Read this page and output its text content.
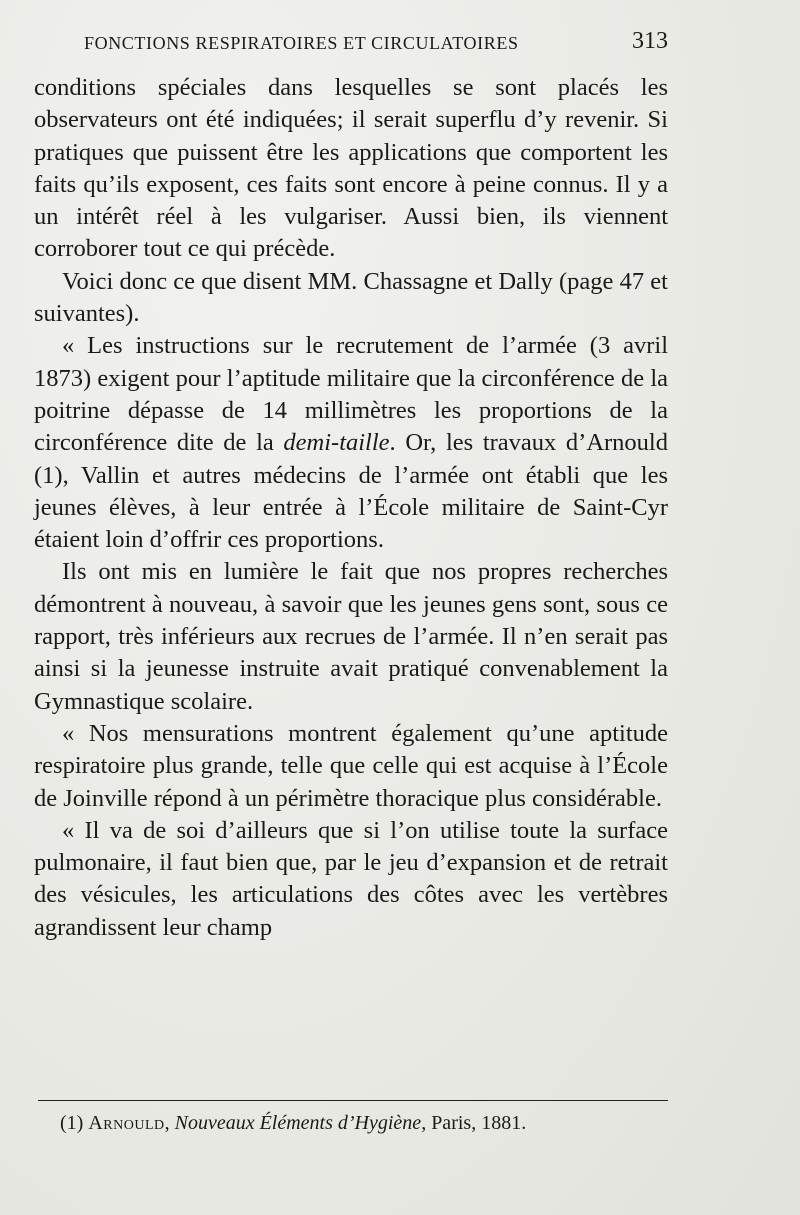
FONCTIONS RESPIRATOIRES ET CIRCULATOIRES	313

conditions spéciales dans lesquelles se sont placés les observateurs ont été indiquées; il serait superflu d’y revenir. Si pratiques que puissent être les applications que comportent les faits qu’ils exposent, ces faits sont encore à peine connus. Il y a un intérêt réel à les vulgariser. Aussi bien, ils viennent corroborer tout ce qui précède.

Voici donc ce que disent MM. Chassagne et Dally (page 47 et suivantes).

« Les instructions sur le recrutement de l’armée (3 avril 1873) exigent pour l’aptitude militaire que la circonférence de la poitrine dépasse de 14 millimètres les proportions de la circonférence dite de la demi-taille. Or, les travaux d’Arnould (1), Vallin et autres médecins de l’armée ont établi que les jeunes élèves, à leur entrée à l’École militaire de Saint-Cyr étaient loin d’offrir ces proportions.

Ils ont mis en lumière le fait que nos propres recherches démontrent à nouveau, à savoir que les jeunes gens sont, sous ce rapport, très inférieurs aux recrues de l’armée. Il n’en serait pas ainsi si la jeunesse instruite avait pratiqué convenablement la Gymnastique scolaire.

« Nos mensurations montrent également qu’une aptitude respiratoire plus grande, telle que celle qui est acquise à l’École de Joinville répond à un périmètre thoracique plus considérable.

« Il va de soi d’ailleurs que si l’on utilise toute la surface pulmonaire, il faut bien que, par le jeu d’expansion et de retrait des vésicules, les articulations des côtes avec les vertèbres agrandissent leur champ

(1) Arnould, Nouveaux Éléments d’Hygiène, Paris, 1881.
